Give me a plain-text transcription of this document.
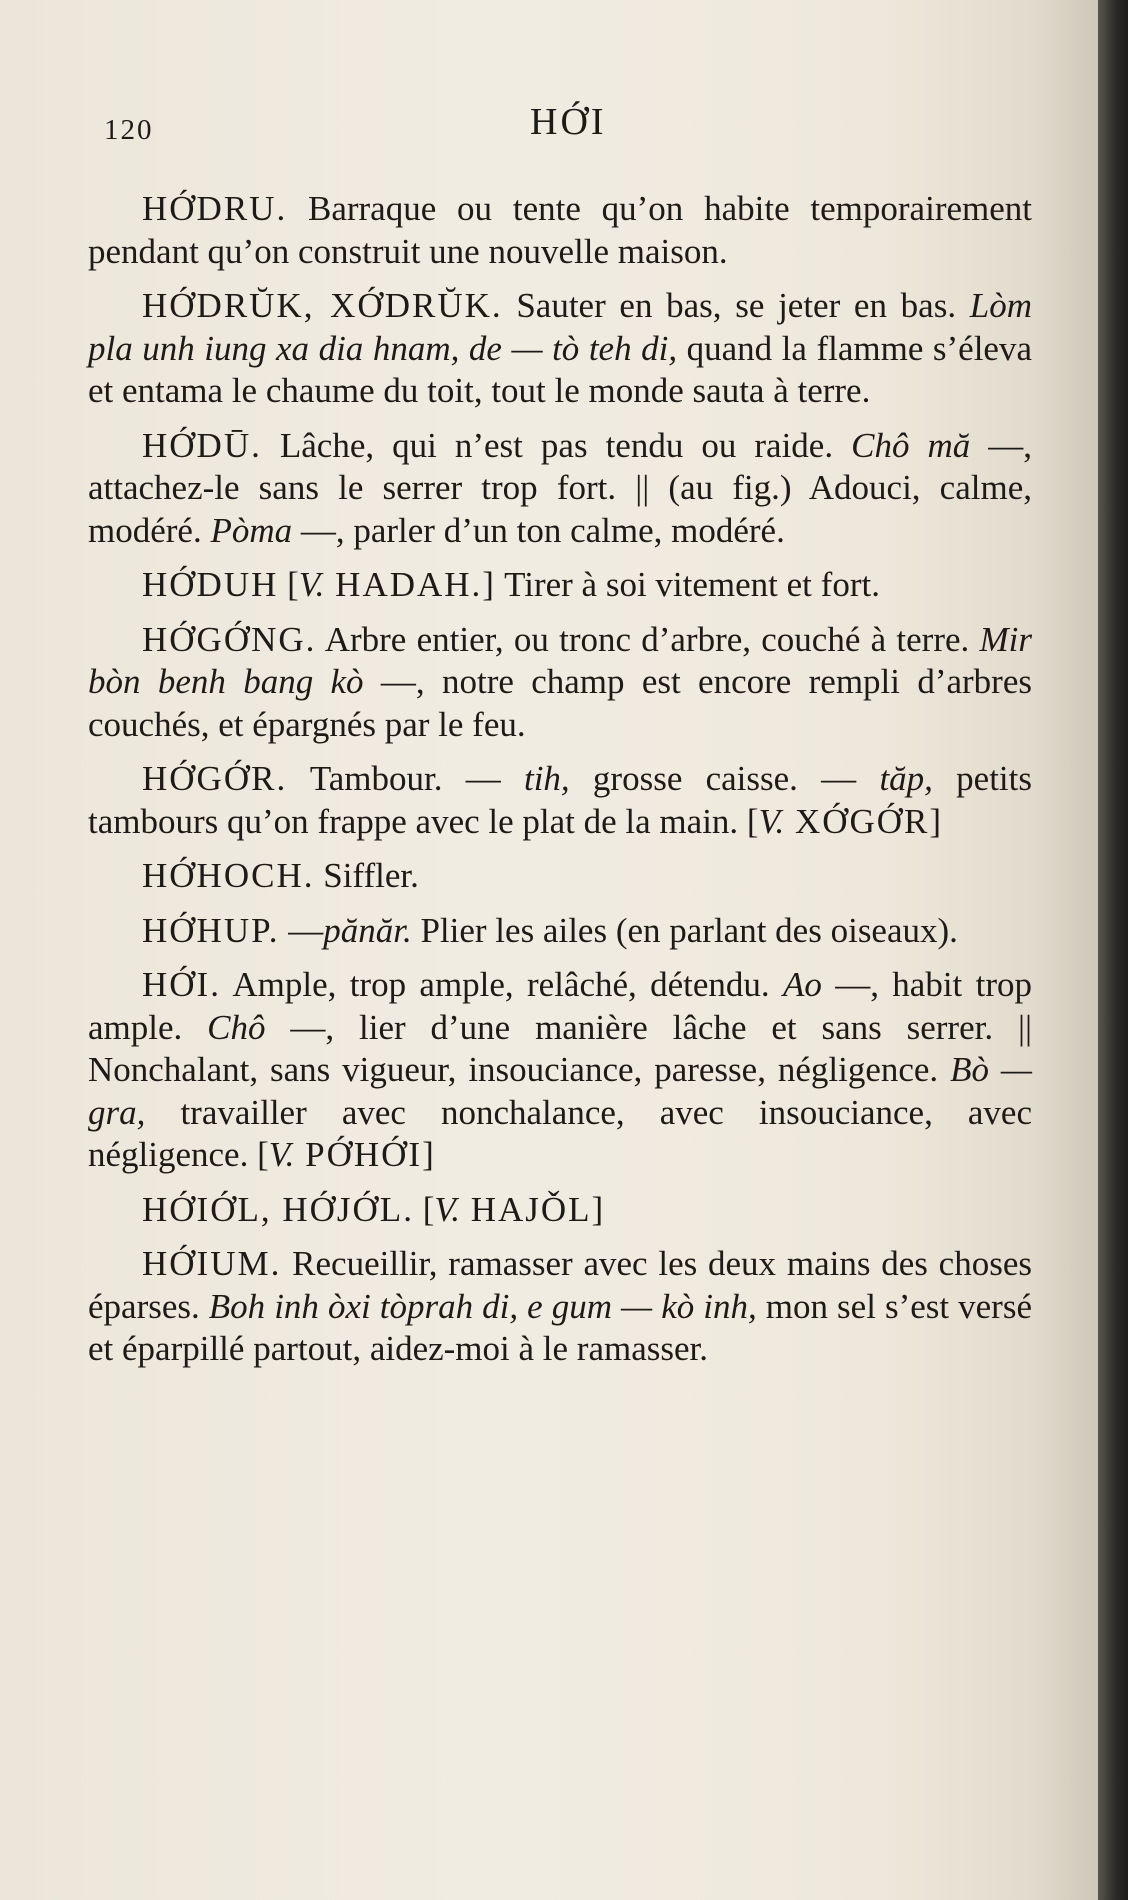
120	HỚI

HỚDRU. Barraque ou tente qu’on habite temporairement pendant qu’on construit une nouvelle maison.

HỚDRŬK, XỚDRŬK. Sauter en bas, se jeter en bas. Lòm pla unh iung xa dia hnam, de — tò teh di, quand la flamme s’éleva et entama le chaume du toit, tout le monde sauta à terre.

HỚDŪ. Lâche, qui n’est pas tendu ou raide. Chô mă —, attachez-le sans le serrer trop fort. || (au fig.) Adouci, calme, modéré. Pòma —, parler d’un ton calme, modéré.

HỚDUH [V. HADAH.] Tirer à soi vitement et fort.

HỚGỚNG. Arbre entier, ou tronc d’arbre, couché à terre. Mir bòn benh bang kò —, notre champ est encore rempli d’arbres couchés, et épargnés par le feu.

HỚGỚR. Tambour. — tih, grosse caisse. — tăp, petits tambours qu’on frappe avec le plat de la main. [V. XỚGỚR]

HỚHOCH. Siffler.

HỚHUP. —pănăr. Plier les ailes (en parlant des oiseaux).

HỚI. Ample, trop ample, relâché, détendu. Ao —, habit trop ample. Chô —, lier d’une manière lâche et sans serrer. || Nonchalant, sans vigueur, insouciance, paresse, négligence. Bò — gra, travailler avec nonchalance, avec insouciance, avec négligence. [V. PỚHỚI]

HỚIỚL, HỚJỚL. [V. HAJǑL]

HỚIUM. Recueillir, ramasser avec les deux mains des choses éparses. Boh inh òxi tòprah di, e gum — kò inh, mon sel s’est versé et éparpillé partout, aidez-moi à le ramasser.
